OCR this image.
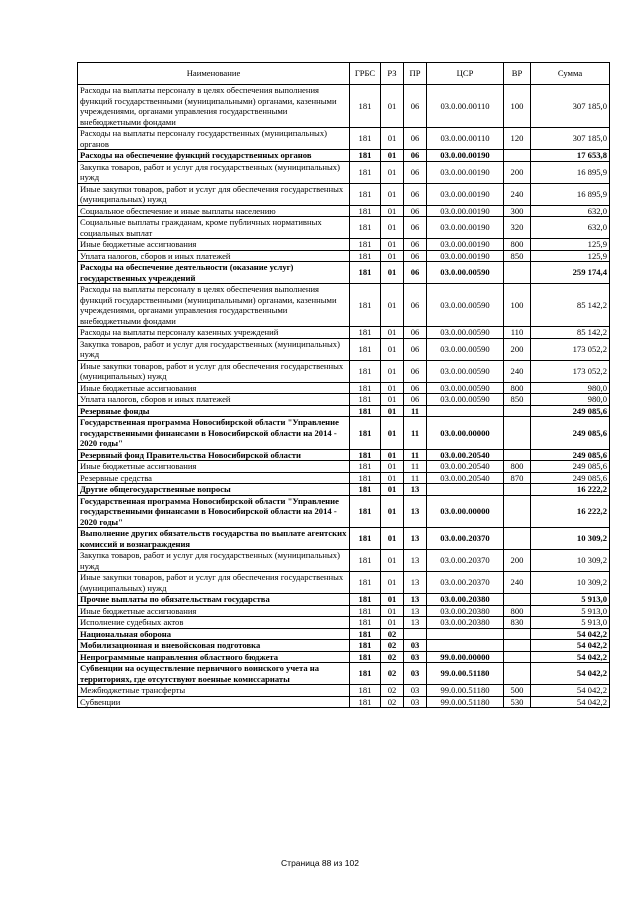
Наименование	ГРБС	РЗ	ПР	ЦСР	ВР	Сумма
Расходы на выплаты персоналу в целях обеспечения выполнения функций государственными (муниципальными) органами, казенными учреждениями, органами управления государственными внебюджетными фондами	181	01	06	03.0.00.00110	100	307 185,0
Расходы на выплаты персоналу государственных (муниципальных) органов	181	01	06	03.0.00.00110	120	307 185,0
Расходы на обеспечение функций государственных органов	181	01	06	03.0.00.00190		17 653,8
Закупка товаров, работ и услуг для государственных (муниципальных) нужд	181	01	06	03.0.00.00190	200	16 895,9
Иные закупки товаров, работ и услуг для обеспечения государственных (муниципальных) нужд	181	01	06	03.0.00.00190	240	16 895,9
Социальное обеспечение и иные выплаты населению	181	01	06	03.0.00.00190	300	632,0
Социальные выплаты гражданам, кроме публичных нормативных социальных выплат	181	01	06	03.0.00.00190	320	632,0
Иные бюджетные ассигнования	181	01	06	03.0.00.00190	800	125,9
Уплата налогов, сборов и иных платежей	181	01	06	03.0.00.00190	850	125,9
Расходы на обеспечение деятельности (оказание услуг) государственных учреждений	181	01	06	03.0.00.00590		259 174,4
Расходы на выплаты персоналу в целях обеспечения выполнения функций государственными (муниципальными) органами, казенными учреждениями, органами управления государственными внебюджетными фондами	181	01	06	03.0.00.00590	100	85 142,2
Расходы на выплаты персоналу казенных учреждений	181	01	06	03.0.00.00590	110	85 142,2
Закупка товаров, работ и услуг для государственных (муниципальных) нужд	181	01	06	03.0.00.00590	200	173 052,2
Иные закупки товаров, работ и услуг для обеспечения государственных (муниципальных) нужд	181	01	06	03.0.00.00590	240	173 052,2
Иные бюджетные ассигнования	181	01	06	03.0.00.00590	800	980,0
Уплата налогов, сборов и иных платежей	181	01	06	03.0.00.00590	850	980,0
Резервные фонды	181	01	11			249 085,6
Государственная программа Новосибирской области "Управление государственными финансами в Новосибирской области на 2014 - 2020 годы"	181	01	11	03.0.00.00000		249 085,6
Резервный фонд Правительства Новосибирской области	181	01	11	03.0.00.20540		249 085,6
Иные бюджетные ассигнования	181	01	11	03.0.00.20540	800	249 085,6
Резервные средства	181	01	11	03.0.00.20540	870	249 085,6
Другие общегосударственные вопросы	181	01	13			16 222,2
Государственная программа Новосибирской области "Управление государственными финансами в Новосибирской области на 2014 - 2020 годы"	181	01	13	03.0.00.00000		16 222,2
Выполнение других обязательств государства по выплате агентских комиссий и вознаграждения	181	01	13	03.0.00.20370		10 309,2
Закупка товаров, работ и услуг для государственных (муниципальных) нужд	181	01	13	03.0.00.20370	200	10 309,2
Иные закупки товаров, работ и услуг для обеспечения государственных (муниципальных) нужд	181	01	13	03.0.00.20370	240	10 309,2
Прочие выплаты по обязательствам государства	181	01	13	03.0.00.20380		5 913,0
Иные бюджетные ассигнования	181	01	13	03.0.00.20380	800	5 913,0
Исполнение судебных актов	181	01	13	03.0.00.20380	830	5 913,0
Национальная оборона	181	02				54 042,2
Мобилизационная и вневойсковая подготовка	181	02	03			54 042,2
Непрограммные направления областного бюджета	181	02	03	99.0.00.00000		54 042,2
Субвенции на осуществление первичного воинского учета на территориях, где отсутствуют военные комиссариаты	181	02	03	99.0.00.51180		54 042,2
Межбюджетные трансферты	181	02	03	99.0.00.51180	500	54 042,2
Субвенции	181	02	03	99.0.00.51180	530	54 042,2
Страница 88 из 102
